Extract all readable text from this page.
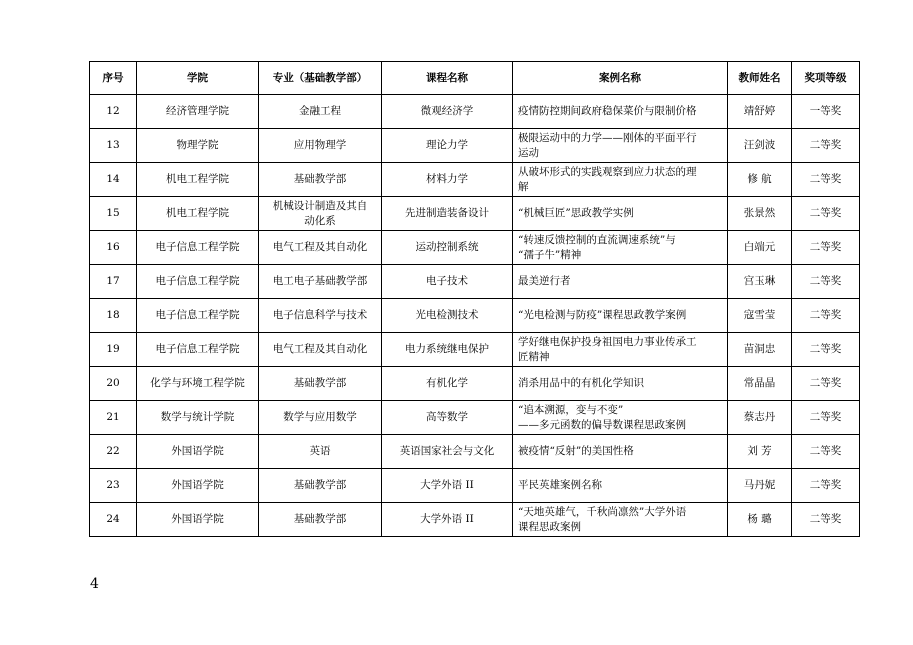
序号	学院	专业（基础教学部）	课程名称	案例名称	教师姓名	奖项等级
12	经济管理学院	金融工程	微观经济学	疫情防控期间政府稳保菜价与限制价格	靖舒婷	一等奖
13	物理学院	应用物理学	理论力学	极限运动中的力学——刚体的平面平行
运动	汪剑波	二等奖
14	机电工程学院	基础教学部	材料力学	从破坏形式的实践观察到应力状态的理
解	修 航	二等奖
15	机电工程学院	机械设计制造及其自
动化系	先进制造装备设计	“机械巨匠”思政教学实例	张景然	二等奖
16	电子信息工程学院	电气工程及其自动化	运动控制系统	“转速反馈控制的直流调速系统”与
“孺子牛”精神	白端元	二等奖
17	电子信息工程学院	电工电子基础教学部	电子技术	最美逆行者	宫玉琳	二等奖
18	电子信息工程学院	电子信息科学与技术	光电检测技术	“光电检测与防疫”课程思政教学案例	寇雪莹	二等奖
19	电子信息工程学院	电气工程及其自动化	电力系统继电保护	学好继电保护投身祖国电力事业传承工
匠精神	苗洞忠	二等奖
20	化学与环境工程学院	基础教学部	有机化学	消杀用品中的有机化学知识	常晶晶	二等奖
21	数学与统计学院	数学与应用数学	高等数学	“追本溯源，变与不变”
——多元函数的偏导数课程思政案例	蔡志丹	二等奖
22	外国语学院	英语	英语国家社会与文化	被疫情“反射”的美国性格	刘 芳	二等奖
23	外国语学院	基础教学部	大学外语 II	平民英雄案例名称	马丹妮	二等奖
24	外国语学院	基础教学部	大学外语 II	“天地英雄气，千秋尚凛然”大学外语
课程思政案例	杨 璐	二等奖
4
